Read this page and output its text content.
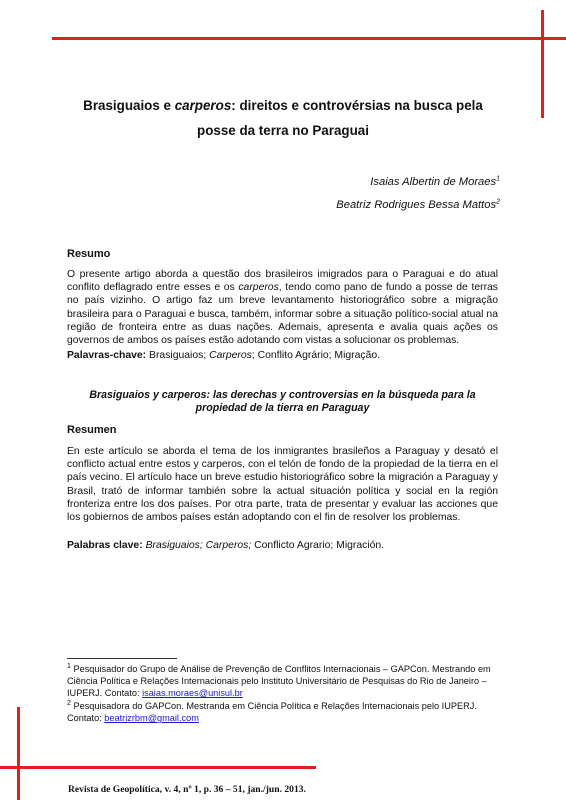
Brasiguaios e carperos: direitos e controvérsias na busca pela
posse da terra no Paraguai
Isaias Albertin de Moraes$^1$
Beatriz Rodrigues Bessa Mattos$^2$
Resumo

O presente artigo aborda a questão dos brasileiros imigrados para o Paraguai e do atual conflito deflagrado entre esses e os carperos, tendo como pano de fundo a posse de terras no país vizinho. O artigo faz um breve levantamento historiográfico sobre a migração brasileira para o Paraguai e busca, também, informar sobre a situação político-social atual na região de fronteira entre as duas nações. Ademais, apresenta e avalia quais ações os governos de ambos os países estão adotando com vistas a solucionar os problemas.

Palavras-chave: Brasiguaios; Carperos; Conflito Agrário; Migração.
Brasiguaios y carperos: las derechas y controversias en la búsqueda para la
propiedad de la tierra en Paraguay
Resumen

En este artículo se aborda el tema de los inmigrantes brasileños a Paraguay y desató el conflicto actual entre estos y carperos, con el telón de fondo de la propiedad de la tierra en el país vecino. El artículo hace un breve estudio historiográfico sobre la migración a Paraguay y Brasil, trató de informar también sobre la actual situación política y social en la región fronteriza entre los dos países. Por otra parte, trata de presentar y evaluar las acciones que los gobiernos de ambos países están adoptando con el fin de resolver los problemas.

Palabras clave: Brasiguaios; Carperos; Conflicto Agrario; Migración.

$^1$ Pesquisador do Grupo de Análise de Prevenção de Conflitos Internacionais – GAPCon. Mestrando em Ciência Política e Relações Internacionais pelo Instituto Universitário de Pesquisas do Rio de Janeiro – IUPERJ. Contato: isaias.moraes@unisul.br

$^2$ Pesquisadora do GAPCon. Mestranda em Ciência Política e Relações Internacionais pelo IUPERJ. Contato: beatrizrbm@gmail.com

Revista de Geopolítica, v. 4, nº 1, p. 36 – 51, jan./jun. 2013.
